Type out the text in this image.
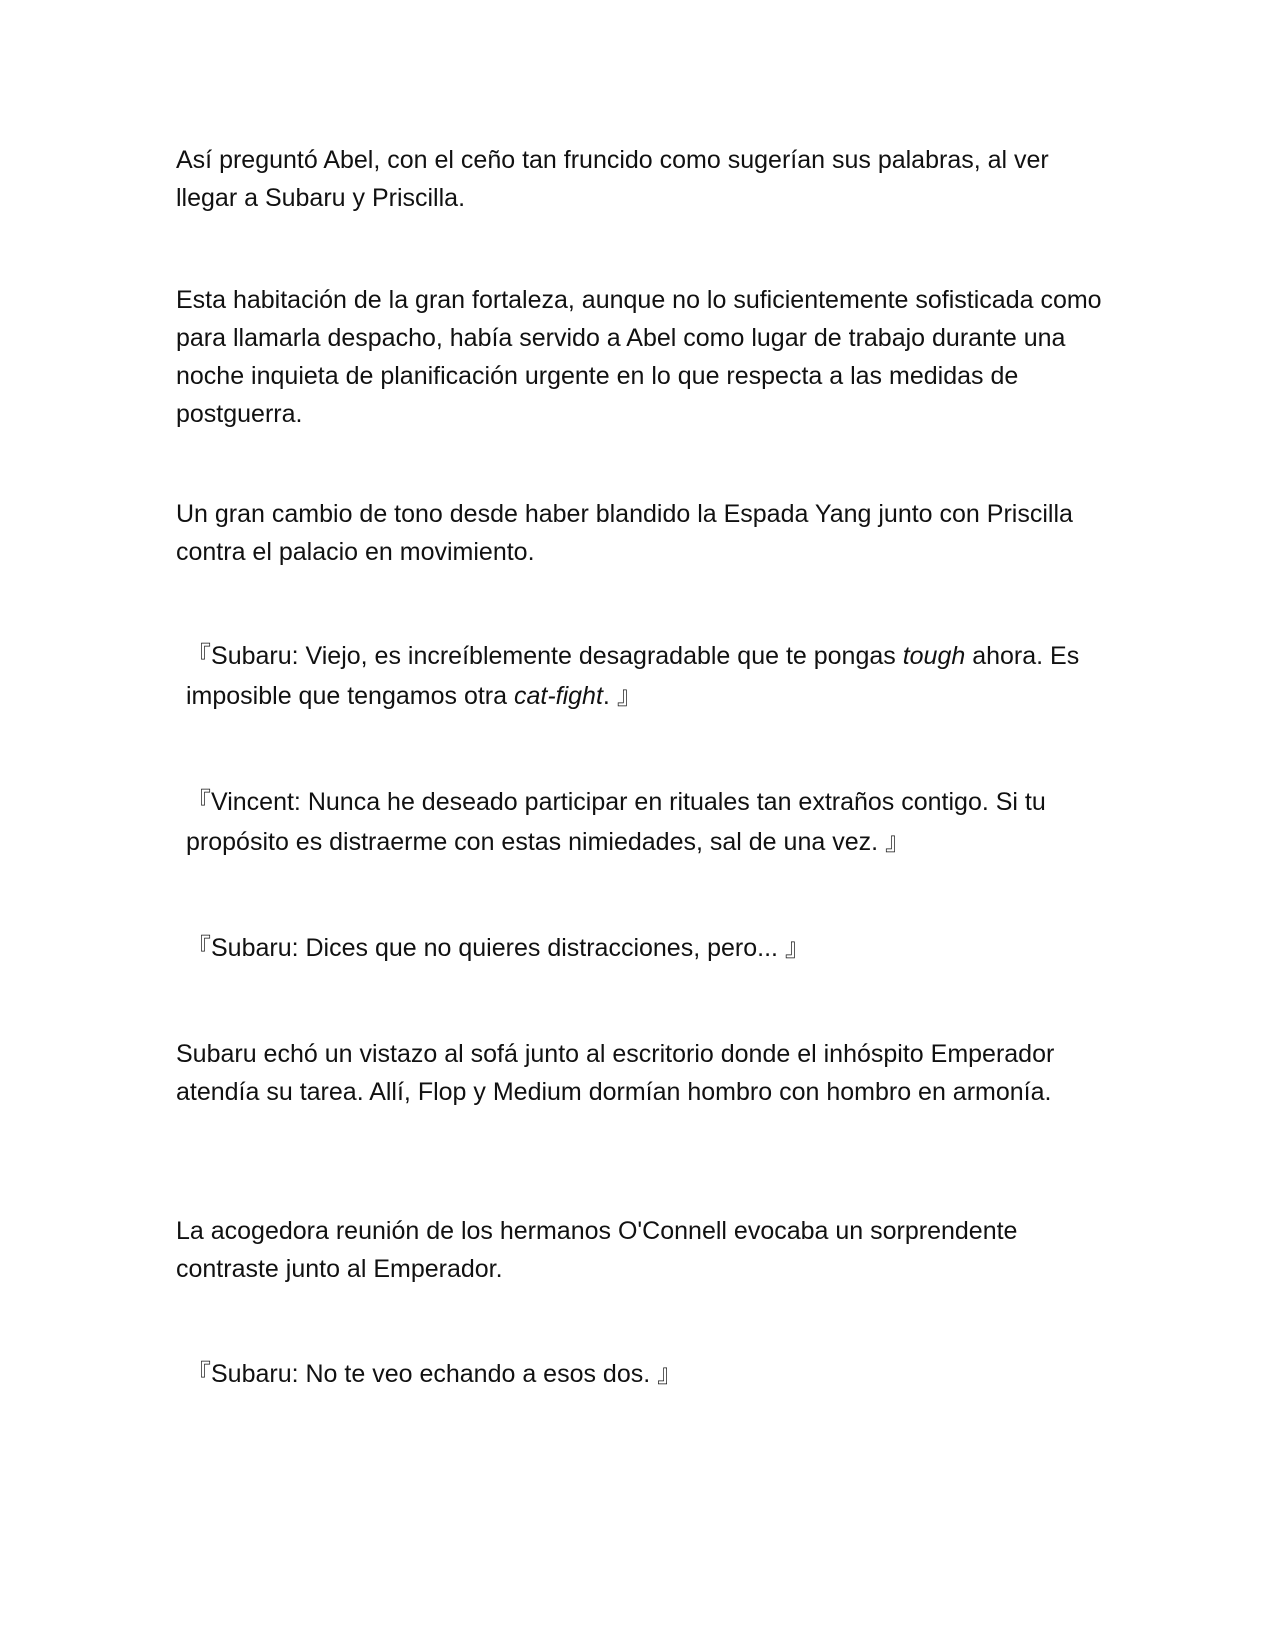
Así preguntó Abel, con el ceño tan fruncido como sugerían sus palabras, al ver llegar a Subaru y Priscilla.

Esta habitación de la gran fortaleza, aunque no lo suficientemente sofisticada como para llamarla despacho, había servido a Abel como lugar de trabajo durante una noche inquieta de planificación urgente en lo que respecta a las medidas de postguerra.

Un gran cambio de tono desde haber blandido la Espada Yang junto con Priscilla contra el palacio en movimiento.

『Subaru: Viejo, es increíblemente desagradable que te pongas tough ahora. Es imposible que tengamos otra cat-fight. 』

『Vincent: Nunca he deseado participar en rituales tan extraños contigo. Si tu propósito es distraerme con estas nimiedades, sal de una vez. 』

『Subaru: Dices que no quieres distracciones, pero... 』

Subaru echó un vistazo al sofá junto al escritorio donde el inhóspito Emperador atendía su tarea. Allí, Flop y Medium dormían hombro con hombro en armonía.

La acogedora reunión de los hermanos O'Connell evocaba un sorprendente contraste junto al Emperador.

『Subaru: No te veo echando a esos dos. 』
